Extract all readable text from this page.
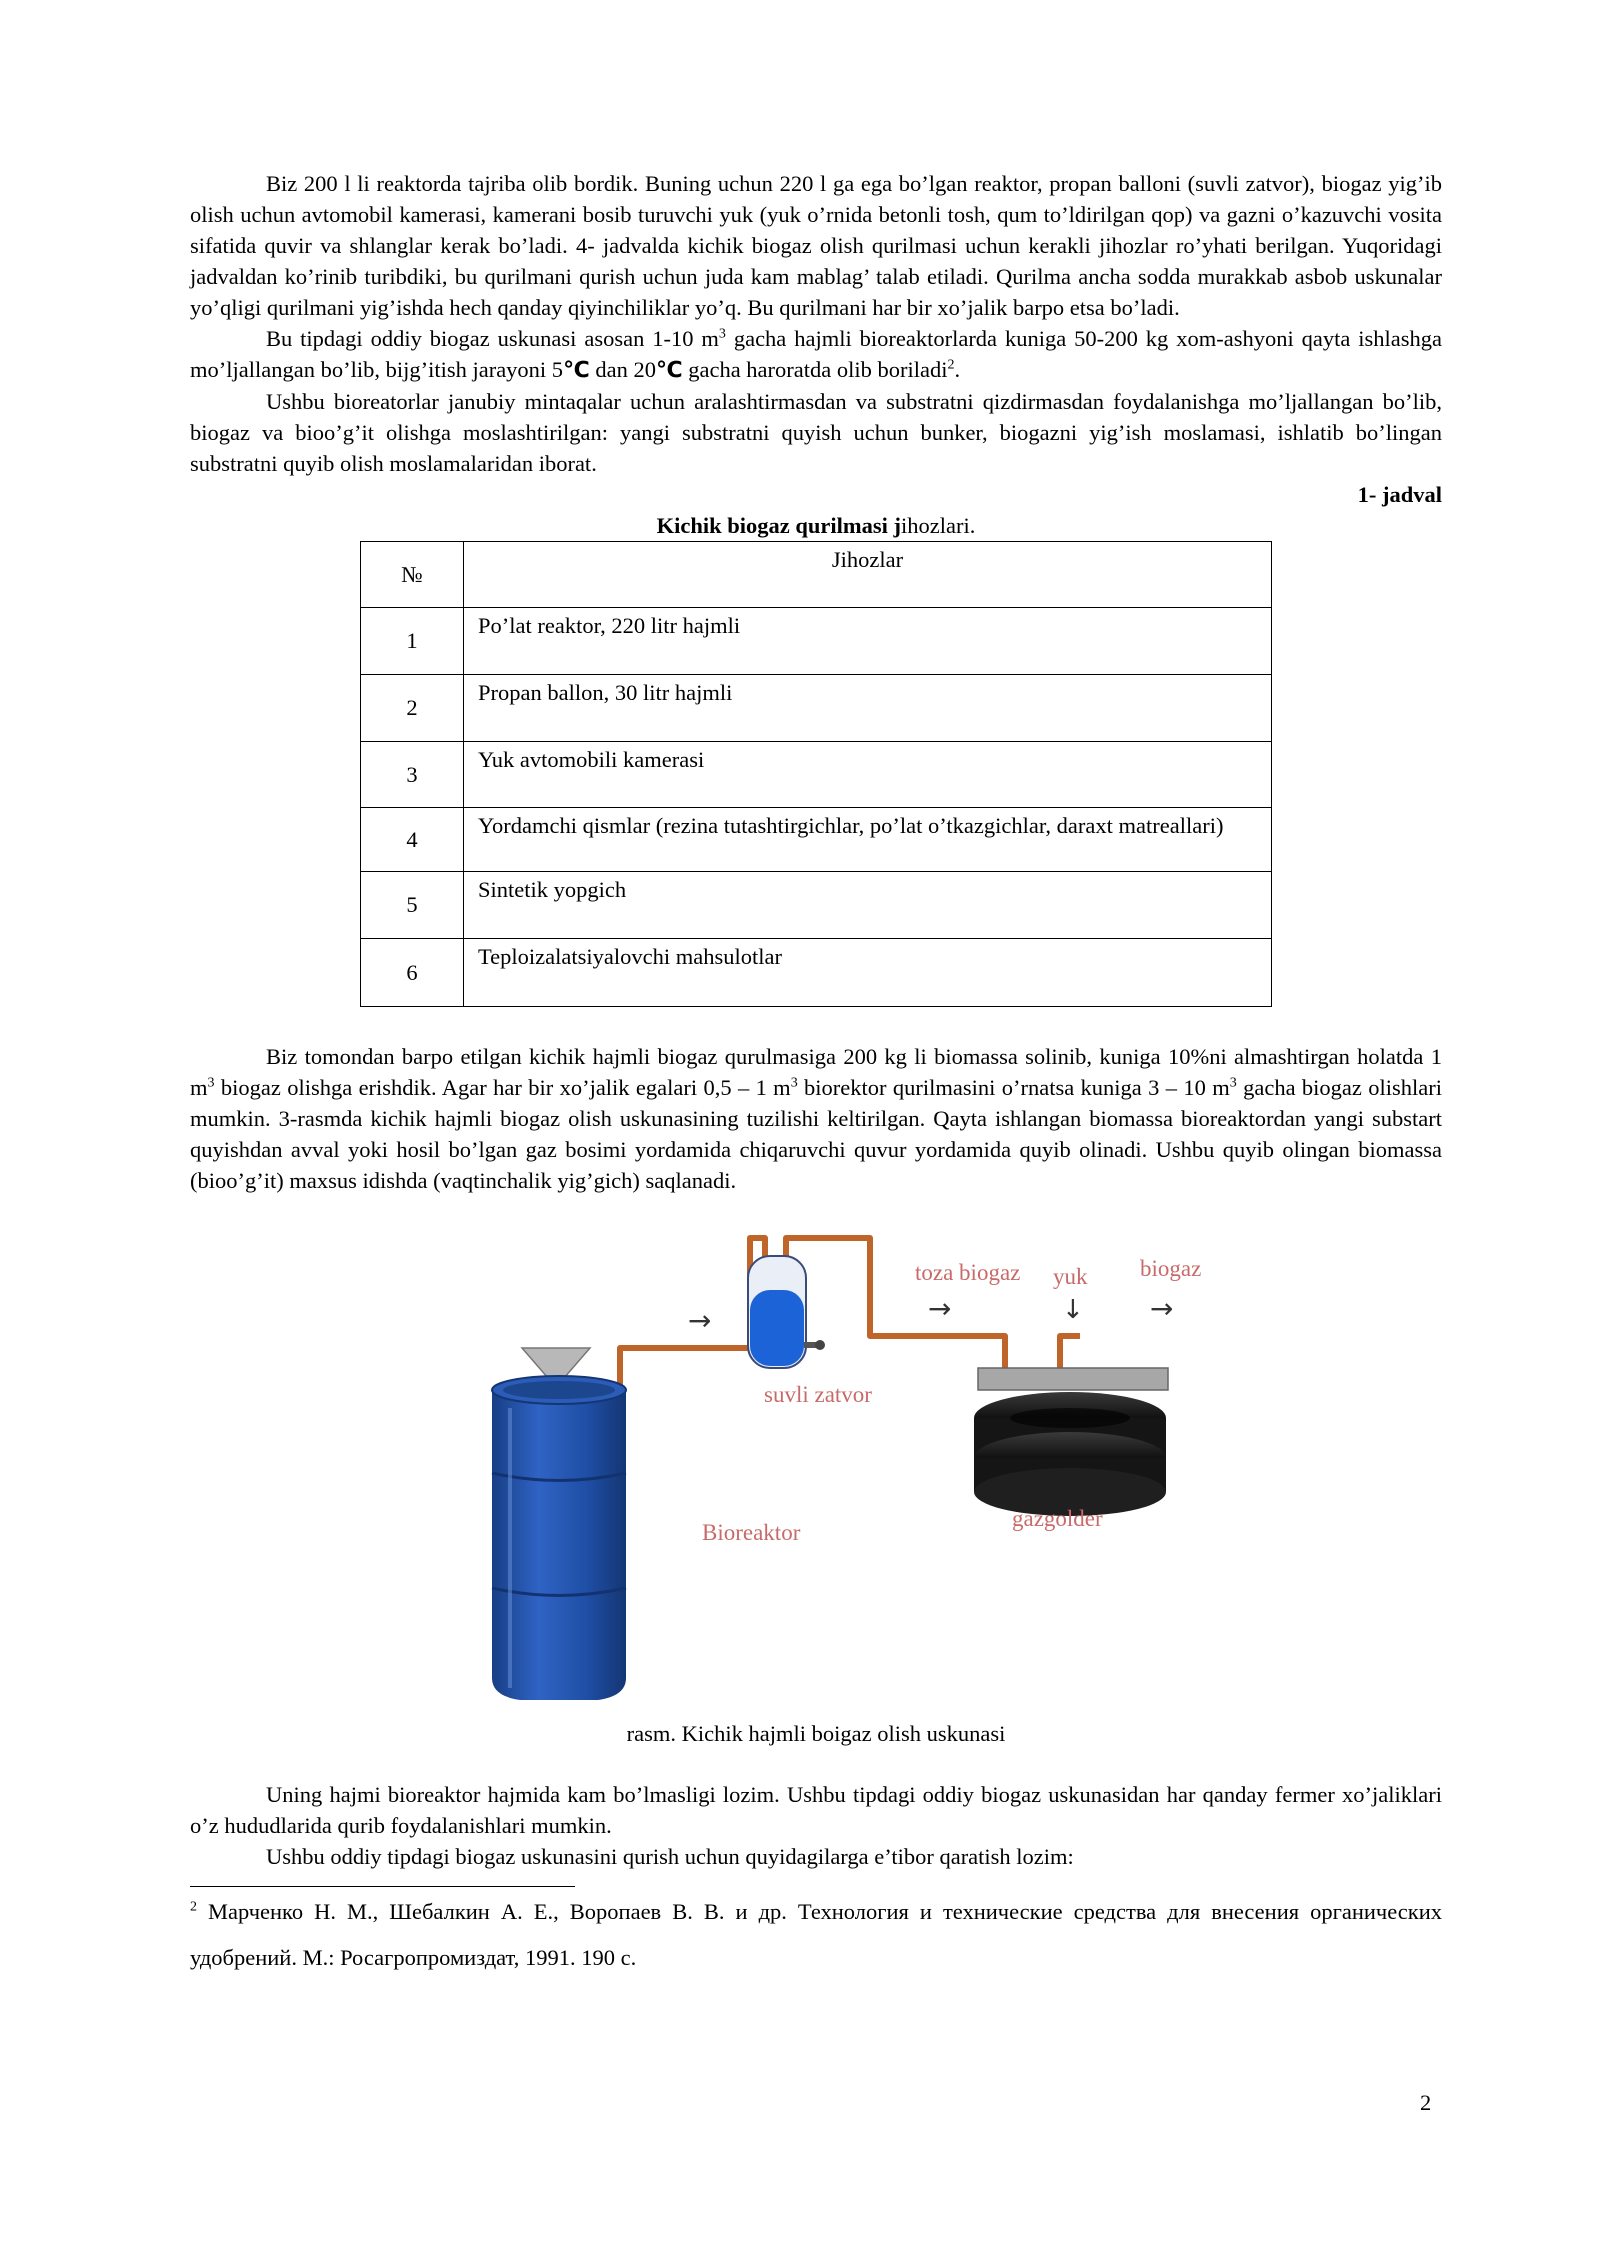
Biz 200 l li reaktorda tajriba olib bordik. Buning uchun 220 l ga ega bo’lgan reaktor, propan balloni (suvli zatvor), biogaz yig’ib olish uchun avtomobil kamerasi, kamerani bosib turuvchi yuk (yuk o’rnida betonli tosh, qum to’ldirilgan qop) va gazni o’kazuvchi vosita sifatida quvir va shlanglar kerak bo’ladi. 4- jadvalda kichik biogaz olish qurilmasi uchun kerakli jihozlar ro’yhati berilgan. Yuqoridagi jadvaldan ko’rinib turibdiki, bu qurilmani qurish uchun juda kam mablag’ talab etiladi. Qurilma ancha sodda murakkab asbob uskunalar yo’qligi qurilmani yig’ishda hech qanday qiyinchiliklar yo’q. Bu qurilmani har bir xo’jalik barpo etsa bo’ladi.

Bu tipdagi oddiy biogaz uskunasi asosan 1-10 $m^3$ gacha hajmli bioreaktorlarda kuniga 50-200 kg xom-ashyoni qayta ishlashga mo’ljallangan bo’lib, bijg’itish jarayoni 5℃ dan 20℃ gacha haroratda olib boriladi$^2$.

Ushbu bioreatorlar janubiy mintaqalar uchun aralashtirmasdan va substratni qizdirmasdan foydalanishga mo’ljallangan bo’lib, biogaz va bioo’g’it olishga moslashtirilgan: yangi substratni quyish uchun bunker, biogazni yig’ish moslamasi, ishlatib bo’lingan substratni quyib olish moslamalaridan iborat.

1- jadval

Kichik biogaz qurilmasi jihozlari.

№	Jihozlar
1	Po’lat reaktor, 220 litr hajmli
2	Propan ballon, 30 litr hajmli
3	Yuk avtomobili kamerasi
4	Yordamchi qismlar (rezina tutashtirgichlar, po’lat o’tkazgichlar, daraxt matreallari)
5	Sintetik yopgich
6	Teploizalatsiyalovchi mahsulotlar

Biz tomondan barpo etilgan kichik hajmli biogaz qurulmasiga 200 kg li biomassa solinib, kuniga 10%ni almashtirgan holatda 1 $m^3$ biogaz olishga erishdik. Agar har bir xo’jalik egalari 0,5 – 1 $m^3$ biorektor qurilmasini o’rnatsa kuniga 3 – 10 $m^3$ gacha biogaz olishlari mumkin. 3-rasmda kichik hajmli biogaz olish uskunasining tuzilishi keltirilgan. Qayta ishlangan biomassa bioreaktordan yangi substart quyishdan avval yoki hosil bo’lgan gaz bosimi yordamida chiqaruvchi quvur yordamida quyib olinadi. Ushbu quyib olingan biomassa (bioo’g’it) maxsus idishda (vaqtinchalik yig’gich) saqlanadi.

→	→	↓ →
toza biogaz yuk biogaz
suvli zatvor
Bioreaktor
gazgolder

rasm. Kichik hajmli boigaz olish uskunasi

Uning hajmi bioreaktor hajmida kam bo’lmasligi lozim. Ushbu tipdagi oddiy biogaz uskunasidan har qanday fermer xo’jaliklari o’z hududlarida qurib foydalanishlari mumkin.

Ushbu oddiy tipdagi biogaz uskunasini qurish uchun quyidagilarga e’tibor qaratish lozim:

$^2$ Марченко Н. М., Шебалкин А. Е., Воропаев В. В. и др. Технология и технические средства для внесения органических удобрений. М.: Росагропромиздат, 1991. 190 с.

2
